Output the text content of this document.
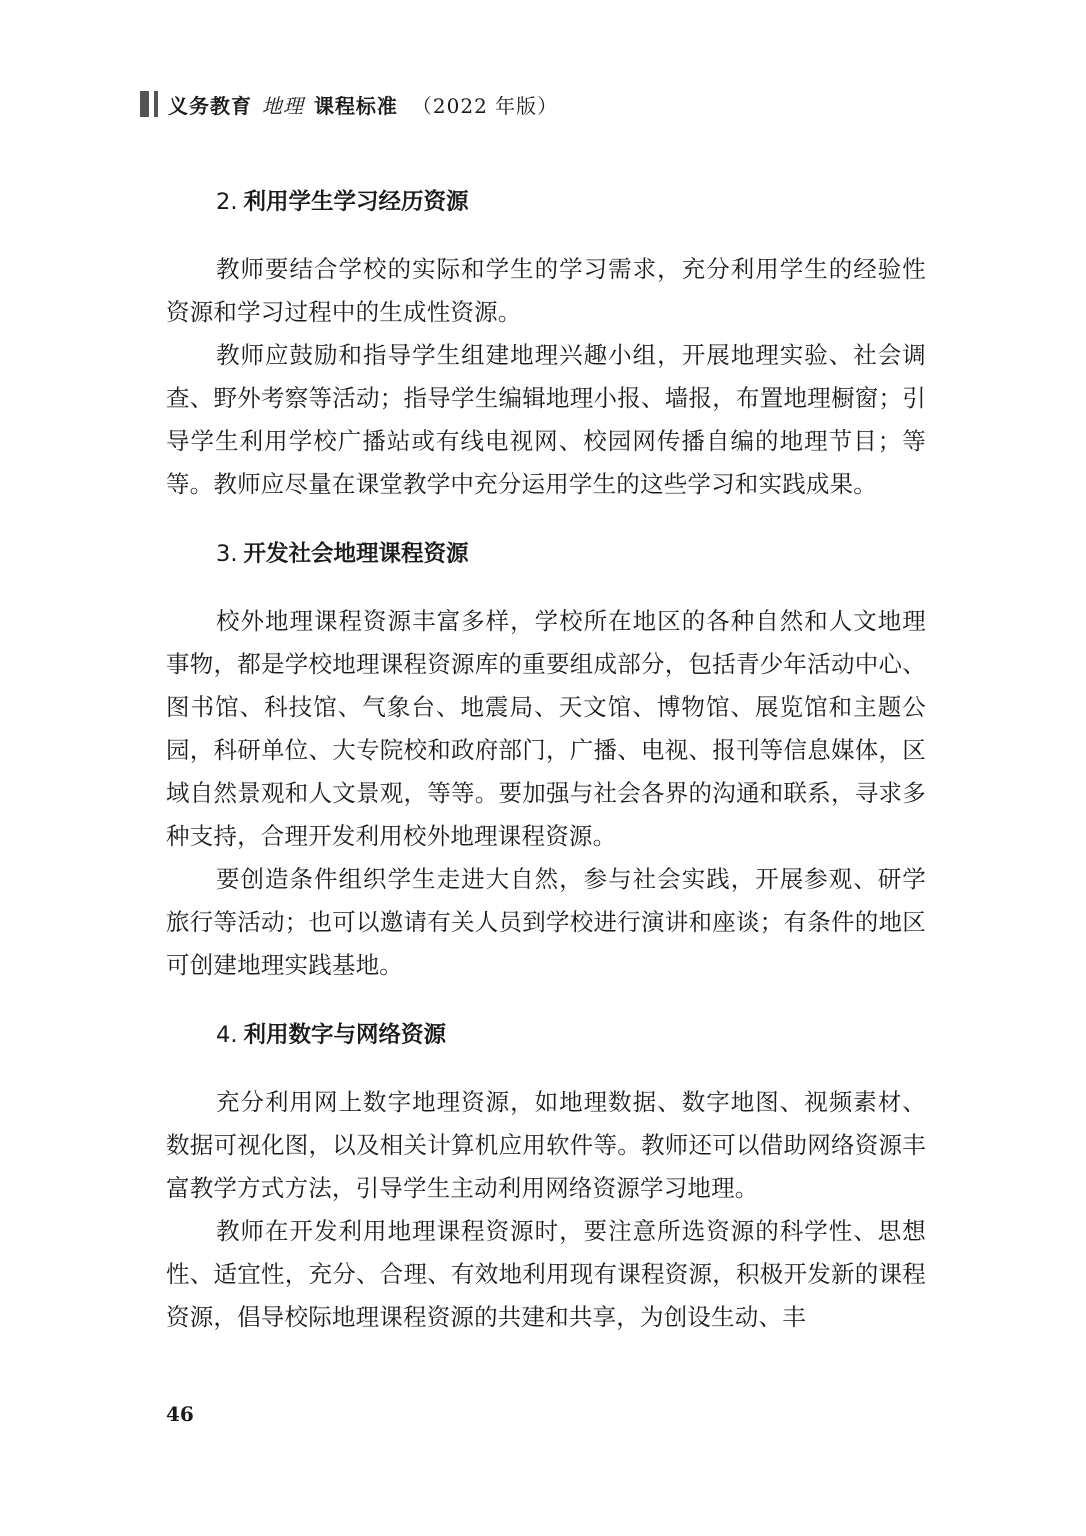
义务教育 地理 课程标准 （2022 年版）
2. 利用学生学习经历资源

教师要结合学校的实际和学生的学习需求，充分利用学生的经验性资源和学习过程中的生成性资源。

教师应鼓励和指导学生组建地理兴趣小组，开展地理实验、社会调查、野外考察等活动；指导学生编辑地理小报、墙报，布置地理橱窗；引导学生利用学校广播站或有线电视网、校园网传播自编的地理节目；等等。教师应尽量在课堂教学中充分运用学生的这些学习和实践成果。

3. 开发社会地理课程资源

校外地理课程资源丰富多样，学校所在地区的各种自然和人文地理事物，都是学校地理课程资源库的重要组成部分，包括青少年活动中心、图书馆、科技馆、气象台、地震局、天文馆、博物馆、展览馆和主题公园，科研单位、大专院校和政府部门，广播、电视、报刊等信息媒体，区域自然景观和人文景观，等等。要加强与社会各界的沟通和联系，寻求多种支持，合理开发利用校外地理课程资源。

要创造条件组织学生走进大自然，参与社会实践，开展参观、研学旅行等活动；也可以邀请有关人员到学校进行演讲和座谈；有条件的地区可创建地理实践基地。

4. 利用数字与网络资源

充分利用网上数字地理资源，如地理数据、数字地图、视频素材、数据可视化图，以及相关计算机应用软件等。教师还可以借助网络资源丰富教学方式方法，引导学生主动利用网络资源学习地理。

教师在开发利用地理课程资源时，要注意所选资源的科学性、思想性、适宜性，充分、合理、有效地利用现有课程资源，积极开发新的课程资源，倡导校际地理课程资源的共建和共享，为创设生动、丰

46
